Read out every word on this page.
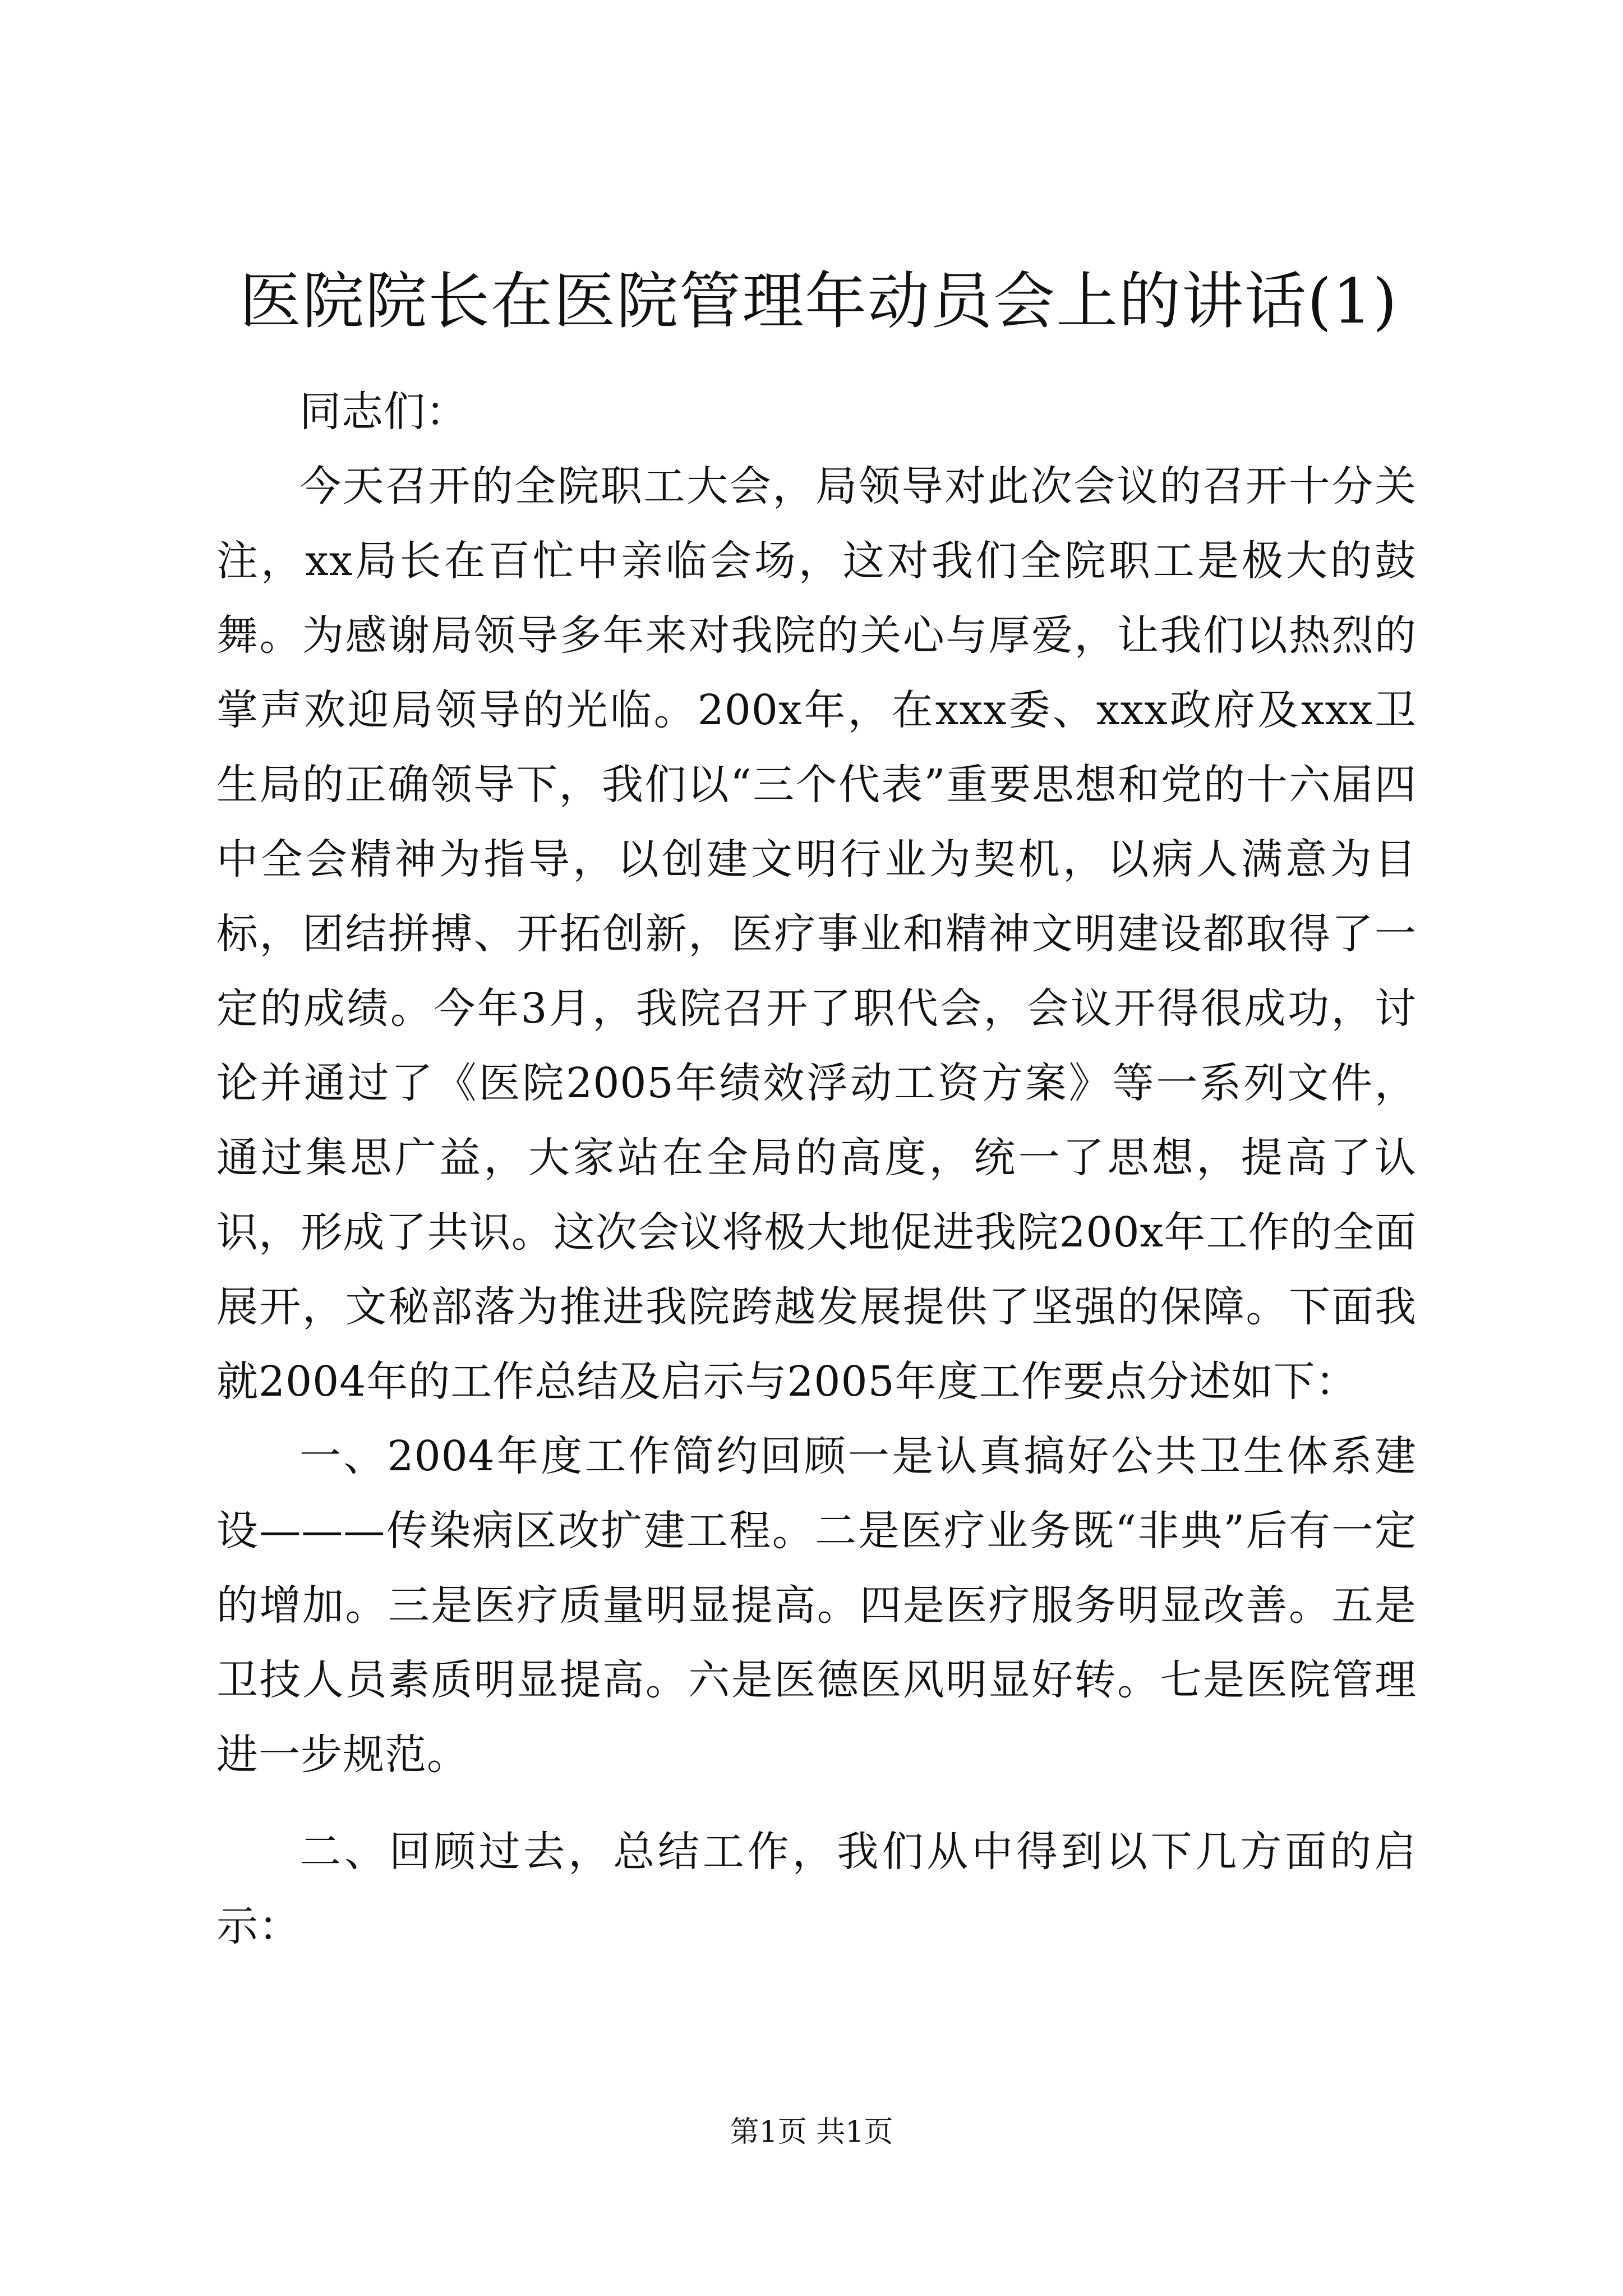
医院院长在医院管理年动员会上的讲话(1)

同志们：

今天召开的全院职工大会，局领导对此次会议的召开十分关注，xx局长在百忙中亲临会场，这对我们全院职工是极大的鼓舞。为感谢局领导多年来对我院的关心与厚爱，让我们以热烈的掌声欢迎局领导的光临。200x年，在xxx委、xxx政府及xxx卫生局的正确领导下，我们以“三个代表”重要思想和党的十六届四中全会精神为指导，以创建文明行业为契机，以病人满意为目标，团结拼搏、开拓创新，医疗事业和精神文明建设都取得了一定的成绩。今年3月，我院召开了职代会，会议开得很成功，讨论并通过了《医院2005年绩效浮动工资方案》等一系列文件，通过集思广益，大家站在全局的高度，统一了思想，提高了认识，形成了共识。这次会议将极大地促进我院200x年工作的全面展开，文秘部落为推进我院跨越发展提供了坚强的保障。下面我就2004年的工作总结及启示与2005年度工作要点分述如下：

一、2004年度工作简约回顾一是认真搞好公共卫生体系建设———传染病区改扩建工程。二是医疗业务既“非典”后有一定的增加。三是医疗质量明显提高。四是医疗服务明显改善。五是卫技人员素质明显提高。六是医德医风明显好转。七是医院管理进一步规范。

二、回顾过去，总结工作，我们从中得到以下几方面的启示：

第1页 共1页
